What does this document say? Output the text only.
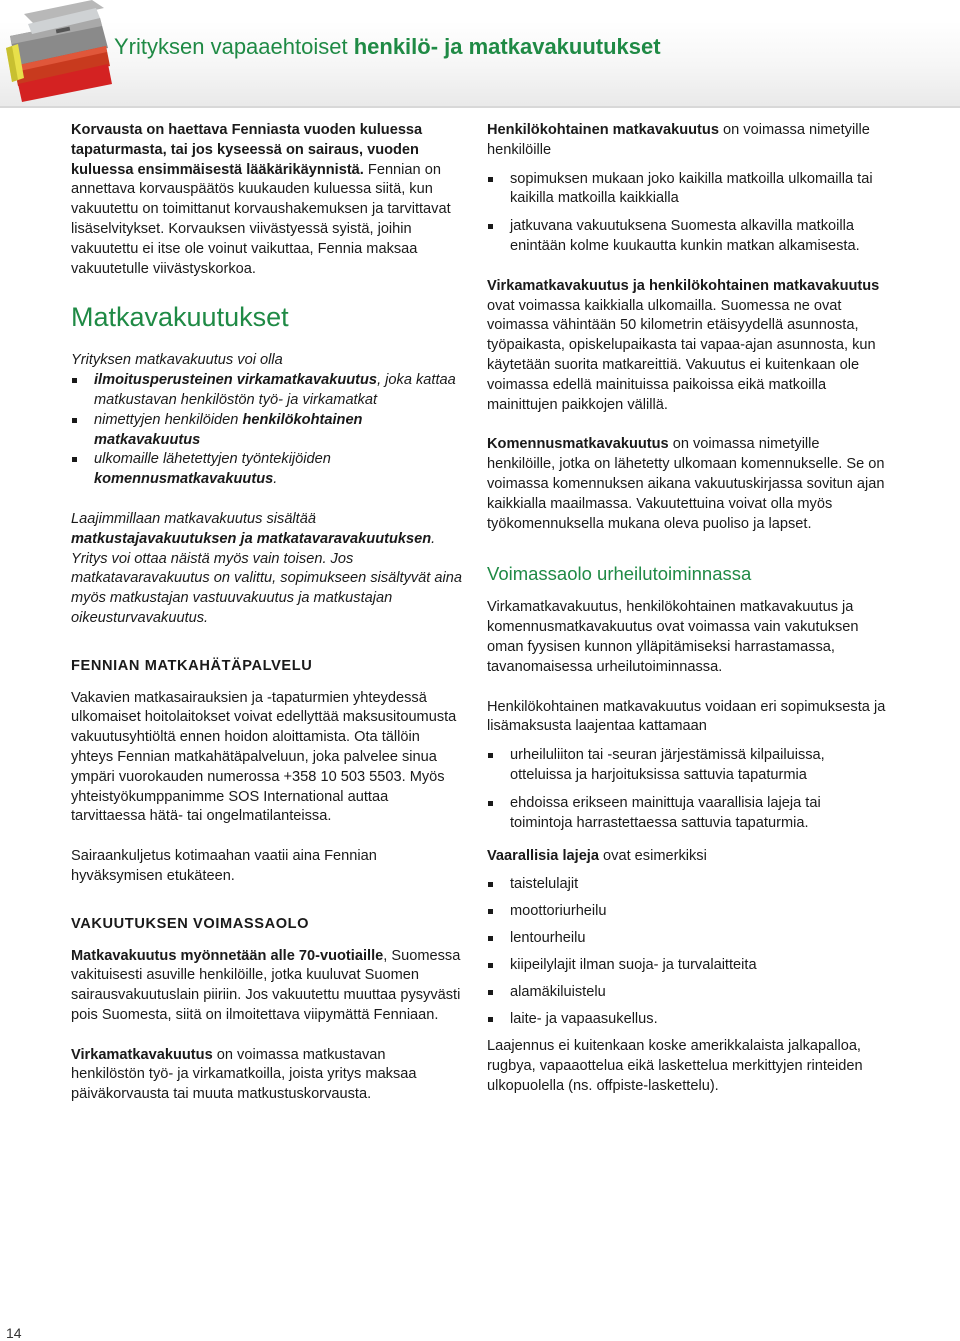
Yrityksen vapaaehtoiset henkilö- ja matkavakuutukset

Korvausta on haettava Fenniasta vuoden kuluessa tapaturmasta, tai jos kyseessä on sairaus, vuoden kuluessa ensimmäisestä lääkärikäynnistä. Fennian on annettava korvauspäätös kuukauden kuluessa siitä, kun vakuutettu on toimittanut korvaushakemuksen ja tarvittavat lisäselvitykset. Korvauksen viivästyessä syistä, joihin vakuutettu ei itse ole voinut vaikuttaa, Fennia maksaa vakuutetulle viivästyskorkoa.

Matkavakuutukset

Yrityksen matkavakuutus voi olla

ilmoitusperusteinen virkamatkavakuutus, joka kattaa matkustavan henkilöstön työ- ja virkamatkat
nimettyjen henkilöiden henkilökohtainen matkavakuutus
ulkomaille lähetettyjen työntekijöiden komennusmatkavakuutus.

Laajimmillaan matkavakuutus sisältää matkustajavakuutuksen ja matkatavaravakuutuksen. Yritys voi ottaa näistä myös vain toisen. Jos matkatavaravakuutus on valittu, sopimukseen sisältyvät aina myös matkustajan vastuuvakuutus ja matkustajan oikeusturvavakuutus.

FENNIAN MATKAHÄTÄPALVELU

Vakavien matkasairauksien ja -tapaturmien yhteydessä ulkomaiset hoitolaitokset voivat edellyttää maksusitoumusta vakuutusyhtiöltä ennen hoidon aloittamista. Ota tällöin yhteys Fennian matkahätäpalveluun, joka palvelee sinua ympäri vuorokauden numerossa +358 10 503 5503. Myös yhteistyökumppanimme SOS International auttaa tarvittaessa hätä- tai ongelmatilanteissa.

Sairaankuljetus kotimaahan vaatii aina Fennian hyväksymisen etukäteen.

VAKUUTUKSEN VOIMASSAOLO

Matkavakuutus myönnetään alle 70-vuotiaille, Suomessa vakituisesti asuville henkilöille, jotka kuuluvat Suomen sairausvakuutuslain piiriin. Jos vakuutettu muuttaa pysyvästi pois Suomesta, siitä on ilmoitettava viipymättä Fenniaan.

Virkamatkavakuutus on voimassa matkustavan henkilöstön työ- ja virkamatkoilla, joista yritys maksaa päiväkorvausta tai muuta matkustuskorvausta.

Henkilökohtainen matkavakuutus on voimassa nimetyille henkilöille

sopimuksen mukaan joko kaikilla matkoilla ulkomailla tai kaikilla matkoilla kaikkialla
jatkuvana vakuutuksena Suomesta alkavilla matkoilla enintään kolme kuukautta kunkin matkan alkamisesta.

Virkamatkavakuutus ja henkilökohtainen matkavakuutus ovat voimassa kaikkialla ulkomailla. Suomessa ne ovat voimassa vähintään 50 kilometrin etäisyydellä asunnosta, työpaikasta, opiskelupaikasta tai vapaa-ajan asunnosta, kun käytetään suorita matkareittiä. Vakuutus ei kuitenkaan ole voimassa edellä mainituissa paikoissa eikä matkoilla mainittujen paikkojen välillä.

Komennusmatkavakuutus on voimassa nimetyille henkilöille, jotka on lähetetty ulkomaan komennukselle. Se on voimassa komennuksen aikana vakuutuskirjassa sovitun ajan kaikkialla maailmassa. Vakuutettuina voivat olla myös työkomennuksella mukana oleva puoliso ja lapset.

Voimassaolo urheilutoiminnassa

Virkamatkavakuutus, henkilökohtainen matkavakuutus ja komennusmatkavakuutus ovat voimassa vain vakutuksen oman fyysisen kunnon ylläpitämiseksi harrastamassa, tavanomaisessa urheilutoiminnassa.

Henkilökohtainen matkavakuutus voidaan eri sopimuksesta ja lisämaksusta laajentaa kattamaan

urheiluliiton tai -seuran järjestämissä kilpailuissa, otteluissa ja harjoituksissa sattuvia tapaturmia
ehdoissa erikseen mainittuja vaarallisia lajeja tai toimintoja harrastettaessa sattuvia tapaturmia.

Vaarallisia lajeja ovat esimerkiksi

taistelulajit
moottoriurheilu
lentourheilu
kiipeilylajit ilman suoja- ja turvalaitteita
alamäkiluistelu
laite- ja vapaasukellus.

Laajennus ei kuitenkaan koske amerikkalaista jalkapalloa, rugbya, vapaaottelua eikä laskettelua merkittyjen rinteiden ulkopuolella (ns. offpiste-laskettelu).

14
